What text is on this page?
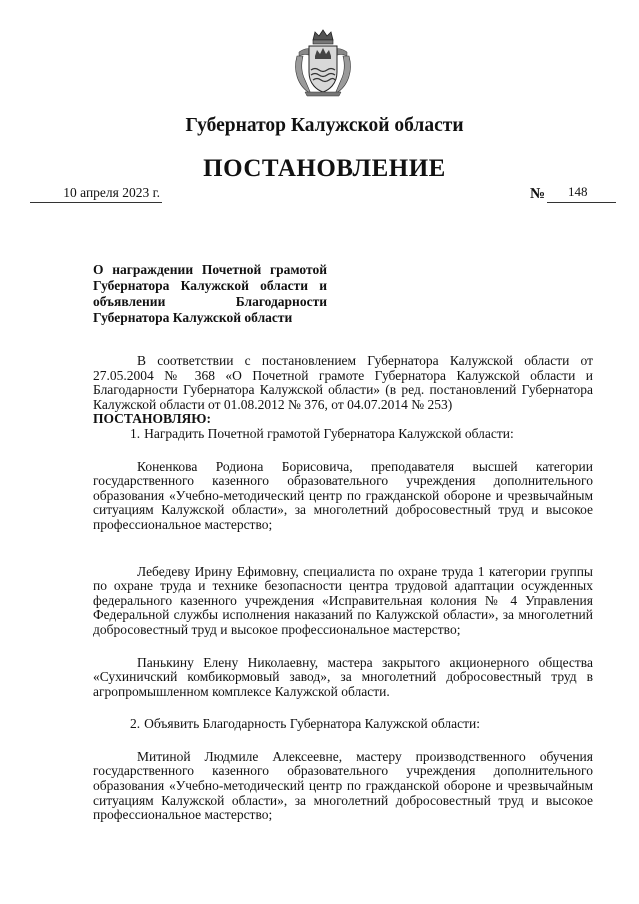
Губернатор Калужской области
ПОСТАНОВЛЕНИЕ
10 апреля 2023 г.	№ 148
О награждении Почетной грамотой Губернатора Калужской области и объявлении Благодарности Губернатора Калужской области

В соответствии с постановлением Губернатора Калужской области от 27.05.2004 № 368 «О Почетной грамоте Губернатора Калужской области и Благодарности Губернатора Калужской области» (в ред. постановлений Губернатора Калужской области от 01.08.2012 № 376, от 04.07.2014 № 253)

ПОСТАНОВЛЯЮ:

1. Наградить Почетной грамотой Губернатора Калужской области:

Коненкова Родиона Борисовича, преподавателя высшей категории государственного казенного образовательного учреждения дополнительного образования «Учебно-методический центр по гражданской обороне и чрезвычайным ситуациям Калужской области», за многолетний добросовестный труд и высокое профессиональное мастерство;

Лебедеву Ирину Ефимовну, специалиста по охране труда 1 категории группы по охране труда и технике безопасности центра трудовой адаптации осужденных федерального казенного учреждения «Исправительная колония № 4 Управления Федеральной службы исполнения наказаний по Калужской области», за многолетний добросовестный труд и высокое профессиональное мастерство;

Панькину Елену Николаевну, мастера закрытого акционерного общества «Сухиничский комбикормовый завод», за многолетний добросовестный труд в агропромышленном комплексе Калужской области.

2. Объявить Благодарность Губернатора Калужской области:

Митиной Людмиле Алексеевне, мастеру производственного обучения государственного казенного образовательного учреждения дополнительного образования «Учебно-методический центр по гражданской обороне и чрезвычайным ситуациям Калужской области», за многолетний добросовестный труд и высокое профессиональное мастерство;
